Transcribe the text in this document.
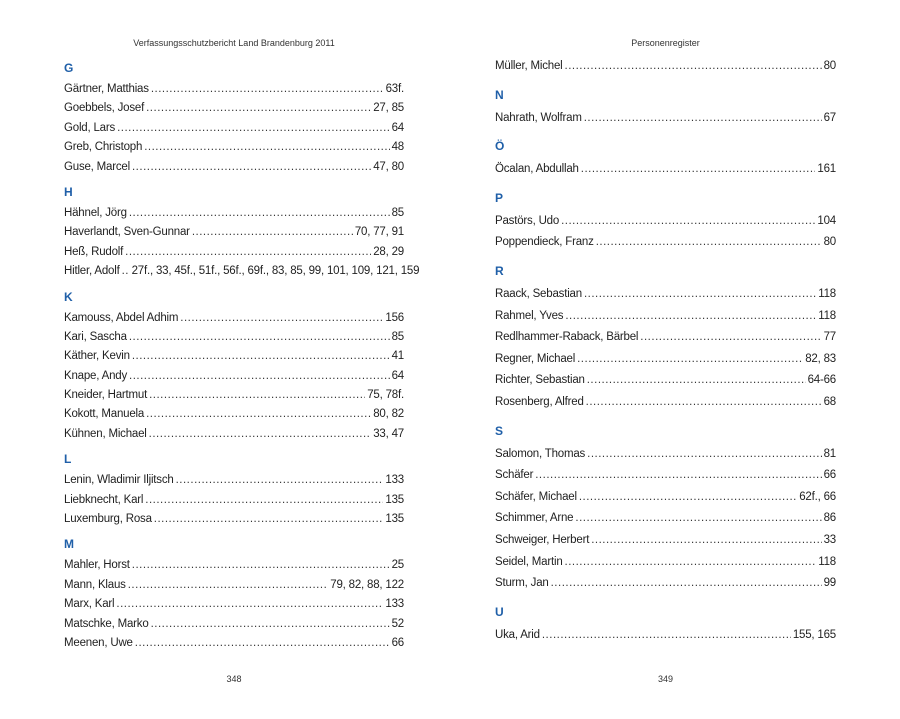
Verfassungsschutzbericht Land Brandenburg 2011
G
Gärtner, Matthias .....	63f.
Goebbels, Josef .....	27, 85
Gold, Lars .....	64
Greb, Christoph .....	48
Guse, Marcel .....	47, 80
H
Hähnel, Jörg .....	85
Haverlandt, Sven-Gunnar .....	70, 77, 91
Heß, Rudolf .....	28, 29
Hitler, Adolf ..... 27f., 33, 45f., 51f., 56f., 69f., 83, 85, 99, 101, 109, 121, 159
K
Kamouss, Abdel Adhim .....	156
Kari, Sascha .....	85
Käther, Kevin .....	41
Knape, Andy .....	64
Kneider, Hartmut .....	75, 78f.
Kokott, Manuela .....	80, 82
Kühnen, Michael .....	33, 47
L
Lenin, Wladimir Iljitsch .....	133
Liebknecht, Karl .....	135
Luxemburg, Rosa .....	135
M
Mahler, Horst .....	25
Mann, Klaus .....	79, 82, 88, 122
Marx, Karl .....	133
Matschke, Marko .....	52
Meenen, Uwe .....	66
348
Personenregister
Müller, Michel .....	80
N
Nahrath, Wolfram .....	67
Ö
Öcalan, Abdullah .....	161
P
Pastörs, Udo .....	104
Poppendieck, Franz .....	80
R
Raack, Sebastian .....	118
Rahmel, Yves .....	118
Redlhammer-Raback, Bärbel .....	77
Regner, Michael .....	82, 83
Richter, Sebastian .....	64-66
Rosenberg, Alfred .....	68
S
Salomon, Thomas .....	81
Schäfer .....	66
Schäfer, Michael .....	62f., 66
Schimmer, Arne .....	86
Schweiger, Herbert .....	33
Seidel, Martin .....	118
Sturm, Jan .....	99
U
Uka, Arid .....	155, 165
349
